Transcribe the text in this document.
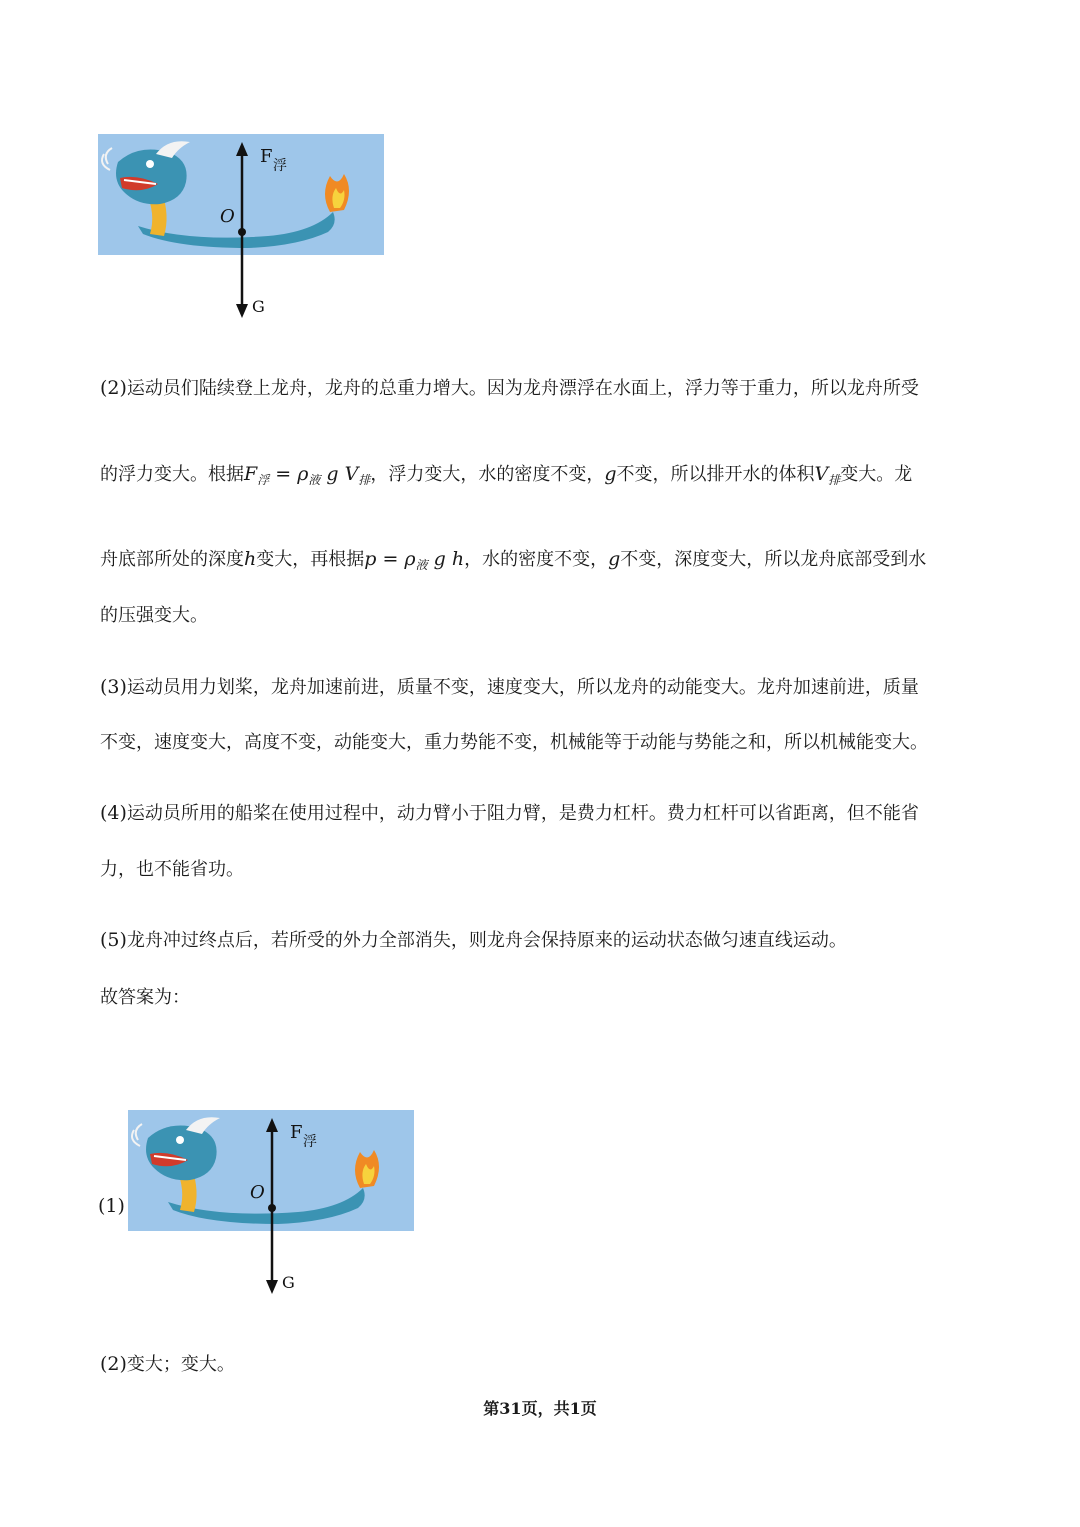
O
F 浮
G
(2)运动员们陆续登上龙舟，龙舟的总重力增大。因为龙舟漂浮在水面上，浮力等于重力，所以龙舟所受
的浮力变大。根据$F_浮 = \rho_液$ g $V_排$，浮力变大，水的密度不变，g不变，所以排开水的体积$V_排$变大。龙
舟底部所处的深度h变大，再根据$p = \rho_液$ g h，水的密度不变，g不变，深度变大，所以龙舟底部受到水
的压强变大。
(3)运动员用力划桨，龙舟加速前进，质量不变，速度变大，所以龙舟的动能变大。龙舟加速前进，质量
不变，速度变大，高度不变，动能变大，重力势能不变，机械能等于动能与势能之和，所以机械能变大。
(4)运动员所用的船桨在使用过程中，动力臂小于阻力臂，是费力杠杆。费力杠杆可以省距离，但不能省
力，也不能省功。
(5)龙舟冲过终点后，若所受的外力全部消失，则龙舟会保持原来的运动状态做匀速直线运动。
故答案为：
(1)
O
F 浮
G
(2)变大；变大。
第31页，共1页
